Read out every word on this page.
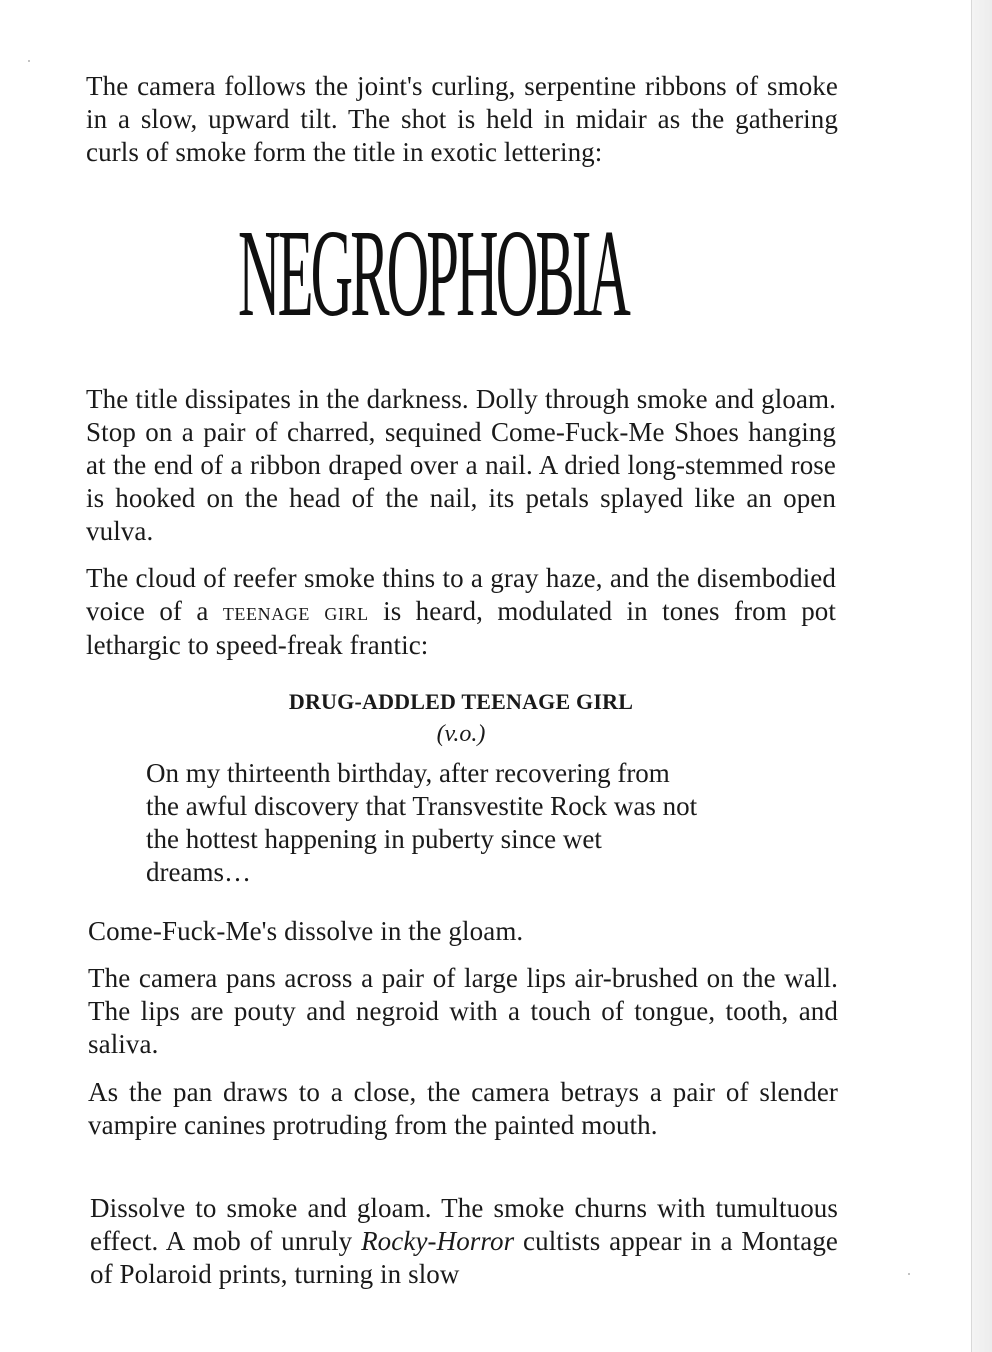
The camera follows the joint's curling, serpentine ribbons of smoke in a slow, upward tilt. The shot is held in midair as the gathering curls of smoke form the title in exotic lettering:

NEGROPHOBIA

The title dissipates in the darkness. Dolly through smoke and gloam. Stop on a pair of charred, sequined Come-Fuck-Me Shoes hanging at the end of a ribbon draped over a nail. A dried long-stemmed rose is hooked on the head of the nail, its petals splayed like an open vulva.

The cloud of reefer smoke thins to a gray haze, and the disembodied voice of a teenage girl is heard, modulated in tones from pot lethargic to speed-freak frantic:

DRUG-ADDLED TEENAGE GIRL
(v.o.)

On my thirteenth birthday, after recovering from
the awful discovery that Transvestite Rock was not
the hottest happening in puberty since wet
dreams…

Come-Fuck-Me's dissolve in the gloam.

The camera pans across a pair of large lips air-brushed on the wall. The lips are pouty and negroid with a touch of tongue, tooth, and saliva.

As the pan draws to a close, the camera betrays a pair of slender vampire canines protruding from the painted mouth.

Dissolve to smoke and gloam. The smoke churns with tumultuous effect. A mob of unruly Rocky-Horror cultists appear in a Montage of Polaroid prints, turning in slow
